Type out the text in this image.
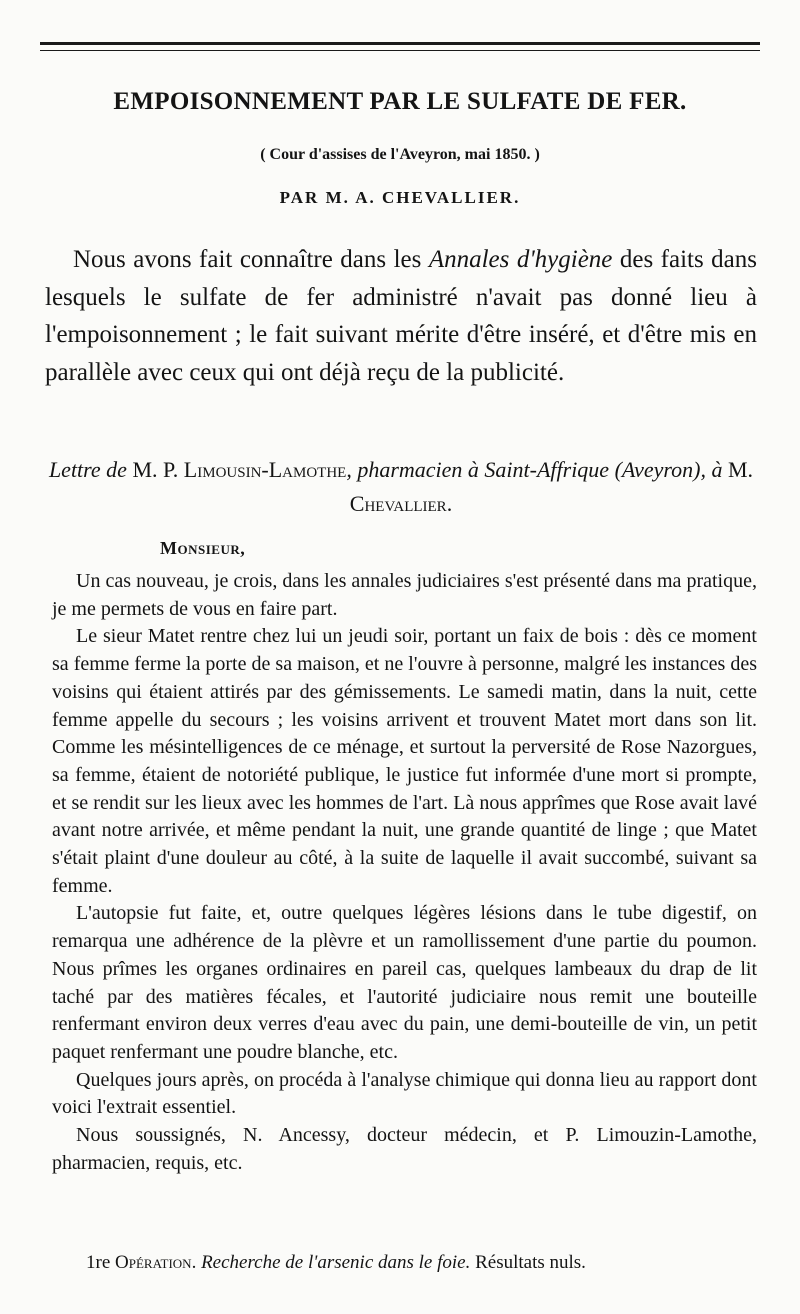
EMPOISONNEMENT PAR LE SULFATE DE FER.
( Cour d'assises de l'Aveyron, mai 1850. )
PAR M. A. CHEVALLIER.

Nous avons fait connaître dans les Annales d'hygiène des faits dans lesquels le sulfate de fer administré n'avait pas donné lieu à l'empoisonnement ; le fait suivant mérite d'être inséré, et d'être mis en parallèle avec ceux qui ont déjà reçu de la publicité.

Lettre de M. P. Limousin-Lamothe, pharmacien à Saint-Affrique (Aveyron), à M. Chevallier.

Monsieur,

Un cas nouveau, je crois, dans les annales judiciaires s'est présenté dans ma pratique, je me permets de vous en faire part.

Le sieur Matet rentre chez lui un jeudi soir, portant un faix de bois : dès ce moment sa femme ferme la porte de sa maison, et ne l'ouvre à personne, malgré les instances des voisins qui étaient attirés par des gémissements. Le samedi matin, dans la nuit, cette femme appelle du secours ; les voisins arrivent et trouvent Matet mort dans son lit. Comme les mésintelligences de ce ménage, et surtout la perversité de Rose Nazorgues, sa femme, étaient de notoriété publique, le justice fut informée d'une mort si prompte, et se rendit sur les lieux avec les hommes de l'art. Là nous apprîmes que Rose avait lavé avant notre arrivée, et même pendant la nuit, une grande quantité de linge ; que Matet s'était plaint d'une douleur au côté, à la suite de laquelle il avait succombé, suivant sa femme.

L'autopsie fut faite, et, outre quelques légères lésions dans le tube digestif, on remarqua une adhérence de la plèvre et un ramollissement d'une partie du poumon. Nous prîmes les organes ordinaires en pareil cas, quelques lambeaux du drap de lit taché par des matières fécales, et l'autorité judiciaire nous remit une bouteille renfermant environ deux verres d'eau avec du pain, une demi-bouteille de vin, un petit paquet renfermant une poudre blanche, etc.

Quelques jours après, on procéda à l'analyse chimique qui donna lieu au rapport dont voici l'extrait essentiel.

Nous soussignés, N. Ancessy, docteur médecin, et P. Limouzin-Lamothe, pharmacien, requis, etc.

1re Opération. Recherche de l'arsenic dans le foie. Résultats nuls.
